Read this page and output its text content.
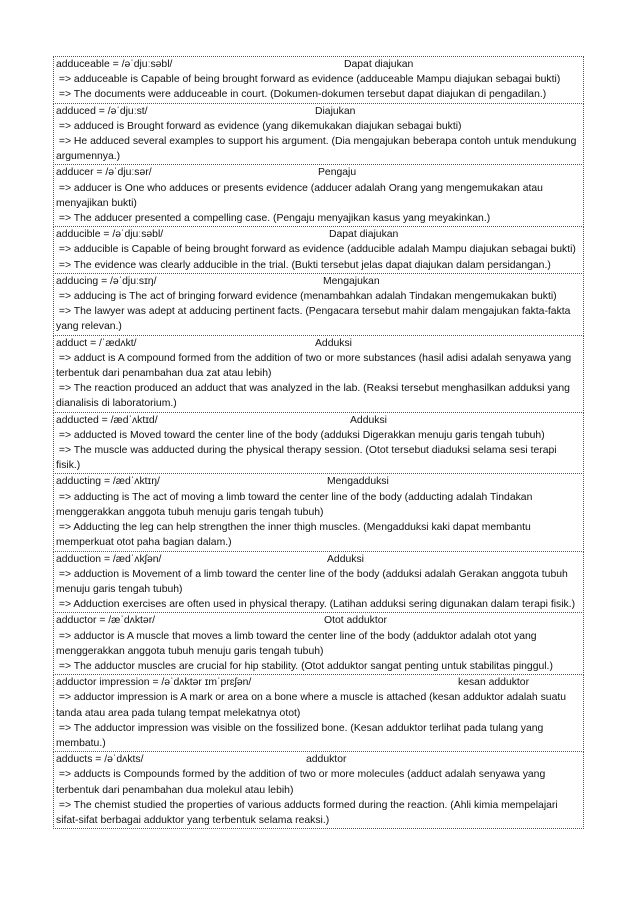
adduceable = /əˈdjuːsəbl/	Dapat diajukan
=> adduceable is Capable of being brought forward as evidence (adduceable Mampu diajukan sebagai bukti)
=> The documents were adduceable in court. (Dokumen-dokumen tersebut dapat diajukan di pengadilan.)
adduced = /əˈdjuːst/	Diajukan
=> adduced is Brought forward as evidence (yang dikemukakan diajukan sebagai bukti)
=> He adduced several examples to support his argument. (Dia mengajukan beberapa contoh untuk mendukung argumennya.)
adducer = /əˈdjuːsər/	Pengaju
=> adducer is One who adduces or presents evidence (adducer adalah Orang yang mengemukakan atau menyajikan bukti)
=> The adducer presented a compelling case. (Pengaju menyajikan kasus yang meyakinkan.)
adducible = /əˈdjuːsəbl/	Dapat diajukan
=> adducible is Capable of being brought forward as evidence (adducible adalah Mampu diajukan sebagai bukti)
=> The evidence was clearly adducible in the trial. (Bukti tersebut jelas dapat diajukan dalam persidangan.)
adducing = /əˈdjuːsɪŋ/	Mengajukan
=> adducing is The act of bringing forward evidence (menambahkan adalah Tindakan mengemukakan bukti)
=> The lawyer was adept at adducing pertinent facts. (Pengacara tersebut mahir dalam mengajukan fakta-fakta yang relevan.)
adduct = /ˈædʌkt/	Adduksi
=> adduct is A compound formed from the addition of two or more substances (hasil adisi adalah senyawa yang terbentuk dari penambahan dua zat atau lebih)
=> The reaction produced an adduct that was analyzed in the lab. (Reaksi tersebut menghasilkan adduksi yang dianalisis di laboratorium.)
adducted = /ædˈʌktɪd/	Adduksi
=> adducted is Moved toward the center line of the body (adduksi Digerakkan menuju garis tengah tubuh)
=> The muscle was adducted during the physical therapy session. (Otot tersebut diaduksi selama sesi terapi fisik.)
adducting = /ædˈʌktɪŋ/	Mengadduksi
=> adducting is The act of moving a limb toward the center line of the body (adducting adalah Tindakan menggerakkan anggota tubuh menuju garis tengah tubuh)
=> Adducting the leg can help strengthen the inner thigh muscles. (Mengadduksi kaki dapat membantu memperkuat otot paha bagian dalam.)
adduction = /ædˈʌkʃən/	Adduksi
=> adduction is Movement of a limb toward the center line of the body (adduksi adalah Gerakan anggota tubuh menuju garis tengah tubuh)
=> Adduction exercises are often used in physical therapy. (Latihan adduksi sering digunakan dalam terapi fisik.)
adductor = /æˈdʌktər/	Otot adduktor
=> adductor is A muscle that moves a limb toward the center line of the body (adduktor adalah otot yang menggerakkan anggota tubuh menuju garis tengah tubuh)
=> The adductor muscles are crucial for hip stability. (Otot adduktor sangat penting untuk stabilitas pinggul.)
adductor impression = /əˈdʌktər ɪmˈprɛʃən/	kesan adduktor
=> adductor impression is A mark or area on a bone where a muscle is attached (kesan adduktor adalah suatu tanda atau area pada tulang tempat melekatnya otot)
=> The adductor impression was visible on the fossilized bone. (Kesan adduktor terlihat pada tulang yang membatu.)
adducts = /əˈdʌkts/	adduktor
=> adducts is Compounds formed by the addition of two or more molecules (adduct adalah senyawa yang terbentuk dari penambahan dua molekul atau lebih)
=> The chemist studied the properties of various adducts formed during the reaction. (Ahli kimia mempelajari sifat-sifat berbagai adduktor yang terbentuk selama reaksi.)
